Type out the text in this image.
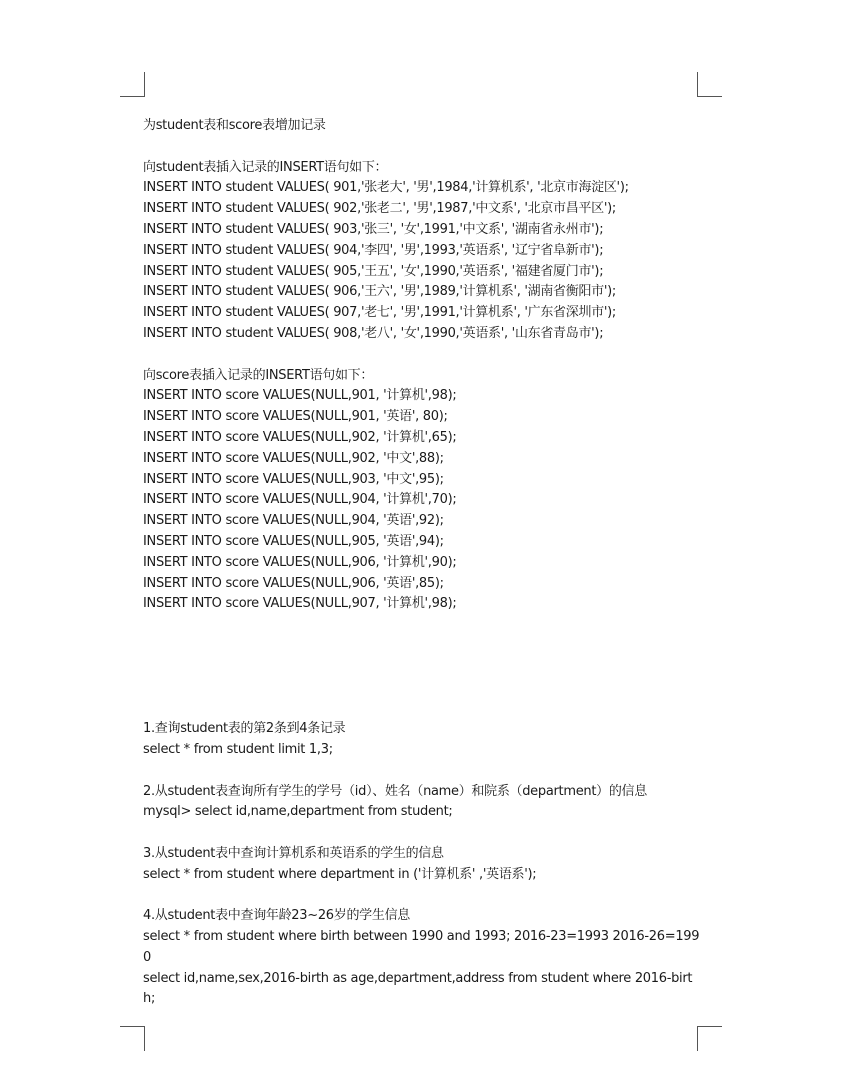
为student表和score表增加记录
向student表插入记录的INSERT语句如下：
INSERT INTO student VALUES( 901,'张老大', '男',1984,'计算机系', '北京市海淀区');
INSERT INTO student VALUES( 902,'张老二', '男',1987,'中文系', '北京市昌平区');
INSERT INTO student VALUES( 903,'张三', '女',1991,'中文系', '湖南省永州市');
INSERT INTO student VALUES( 904,'李四', '男',1993,'英语系', '辽宁省阜新市');
INSERT INTO student VALUES( 905,'王五', '女',1990,'英语系', '福建省厦门市');
INSERT INTO student VALUES( 906,'王六', '男',1989,'计算机系', '湖南省衡阳市');
INSERT INTO student VALUES( 907,'老七', '男',1991,'计算机系', '广东省深圳市');
INSERT INTO student VALUES( 908,'老八', '女',1990,'英语系', '山东省青岛市');
向score表插入记录的INSERT语句如下：
INSERT INTO score VALUES(NULL,901, '计算机',98);
INSERT INTO score VALUES(NULL,901, '英语', 80);
INSERT INTO score VALUES(NULL,902, '计算机',65);
INSERT INTO score VALUES(NULL,902, '中文',88);
INSERT INTO score VALUES(NULL,903, '中文',95);
INSERT INTO score VALUES(NULL,904, '计算机',70);
INSERT INTO score VALUES(NULL,904, '英语',92);
INSERT INTO score VALUES(NULL,905, '英语',94);
INSERT INTO score VALUES(NULL,906, '计算机',90);
INSERT INTO score VALUES(NULL,906, '英语',85);
INSERT INTO score VALUES(NULL,907, '计算机',98);
1.查询student表的第2条到4条记录
select * from student limit 1,3;
2.从student表查询所有学生的学号（id）、姓名（name）和院系（department）的信息
mysql> select id,name,department from student;
3.从student表中查询计算机系和英语系的学生的信息
select * from student where department in ('计算机系' ,'英语系');
4.从student表中查询年龄23~26岁的学生信息
select * from student where birth between 1990 and 1993; 2016-23=1993 2016-26=1990
select id,name,sex,2016-birth as age,department,address from student where 2016-birth;
